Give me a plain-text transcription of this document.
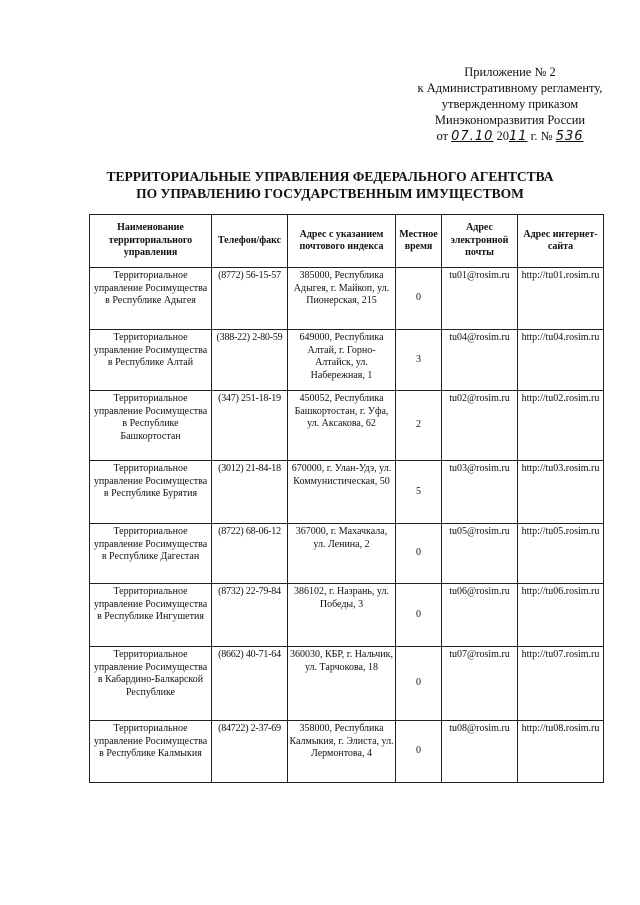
Приложение № 2
к Административному регламенту,
утвержденному приказом
Минэкономразвития России
от 07.10 2011 г. № 536
ТЕРРИТОРИАЛЬНЫЕ УПРАВЛЕНИЯ ФЕДЕРАЛЬНОГО АГЕНТСТВА
ПО УПРАВЛЕНИЮ ГОСУДАРСТВЕННЫМ ИМУЩЕСТВОМ
Наименование территориального управления	Телефон/факс	Адрес с указанием почтового индекса	Местное время	Адрес электронной почты	Адрес интернет-сайта
Территориальное управление Росимущества в Республике Адыгея	(8772) 56-15-57	385000, Республика Адыгея, г. Майкоп, ул. Пионерская, 215	0	tu01@rosim.ru	http://tu01.rosim.ru
Территориальное управление Росимущества в Республике Алтай	(388-22) 2-80-59	649000, Республика Алтай, г. Горно-Алтайск, ул. Набережная, 1	3	tu04@rosim.ru	http://tu04.rosim.ru
Территориальное управление Росимущества в Республике Башкортостан	(347) 251-18-19	450052, Республика Башкортостан, г. Уфа, ул. Аксакова, 62	2	tu02@rosim.ru	http://tu02.rosim.ru
Территориальное управление Росимущества в Республике Бурятия	(3012) 21-84-18	670000, г. Улан-Удэ, ул. Коммунистическая, 50	5	tu03@rosim.ru	http://tu03.rosim.ru
Территориальное управление Росимущества в Республике Дагестан	(8722) 68-06-12	367000, г. Махачкала, ул. Ленина, 2	0	tu05@rosim.ru	http://tu05.rosim.ru
Территориальное управление Росимущества в Республике Ингушетия	(8732) 22-79-84	386102, г. Назрань, ул. Победы, 3	0	tu06@rosim.ru	http://tu06.rosim.ru
Территориальное управление Росимущества в Кабардино-Балкарской Республике	(8662) 40-71-64	360030, КБР, г. Нальчик, ул. Тарчокова, 18	0	tu07@rosim.ru	http://tu07.rosim.ru
Территориальное управление Росимущества в Республике Калмыкия	(84722) 2-37-69	358000, Республика Калмыкия, г. Элиста, ул. Лермонтова, 4	0	tu08@rosim.ru	http://tu08.rosim.ru
